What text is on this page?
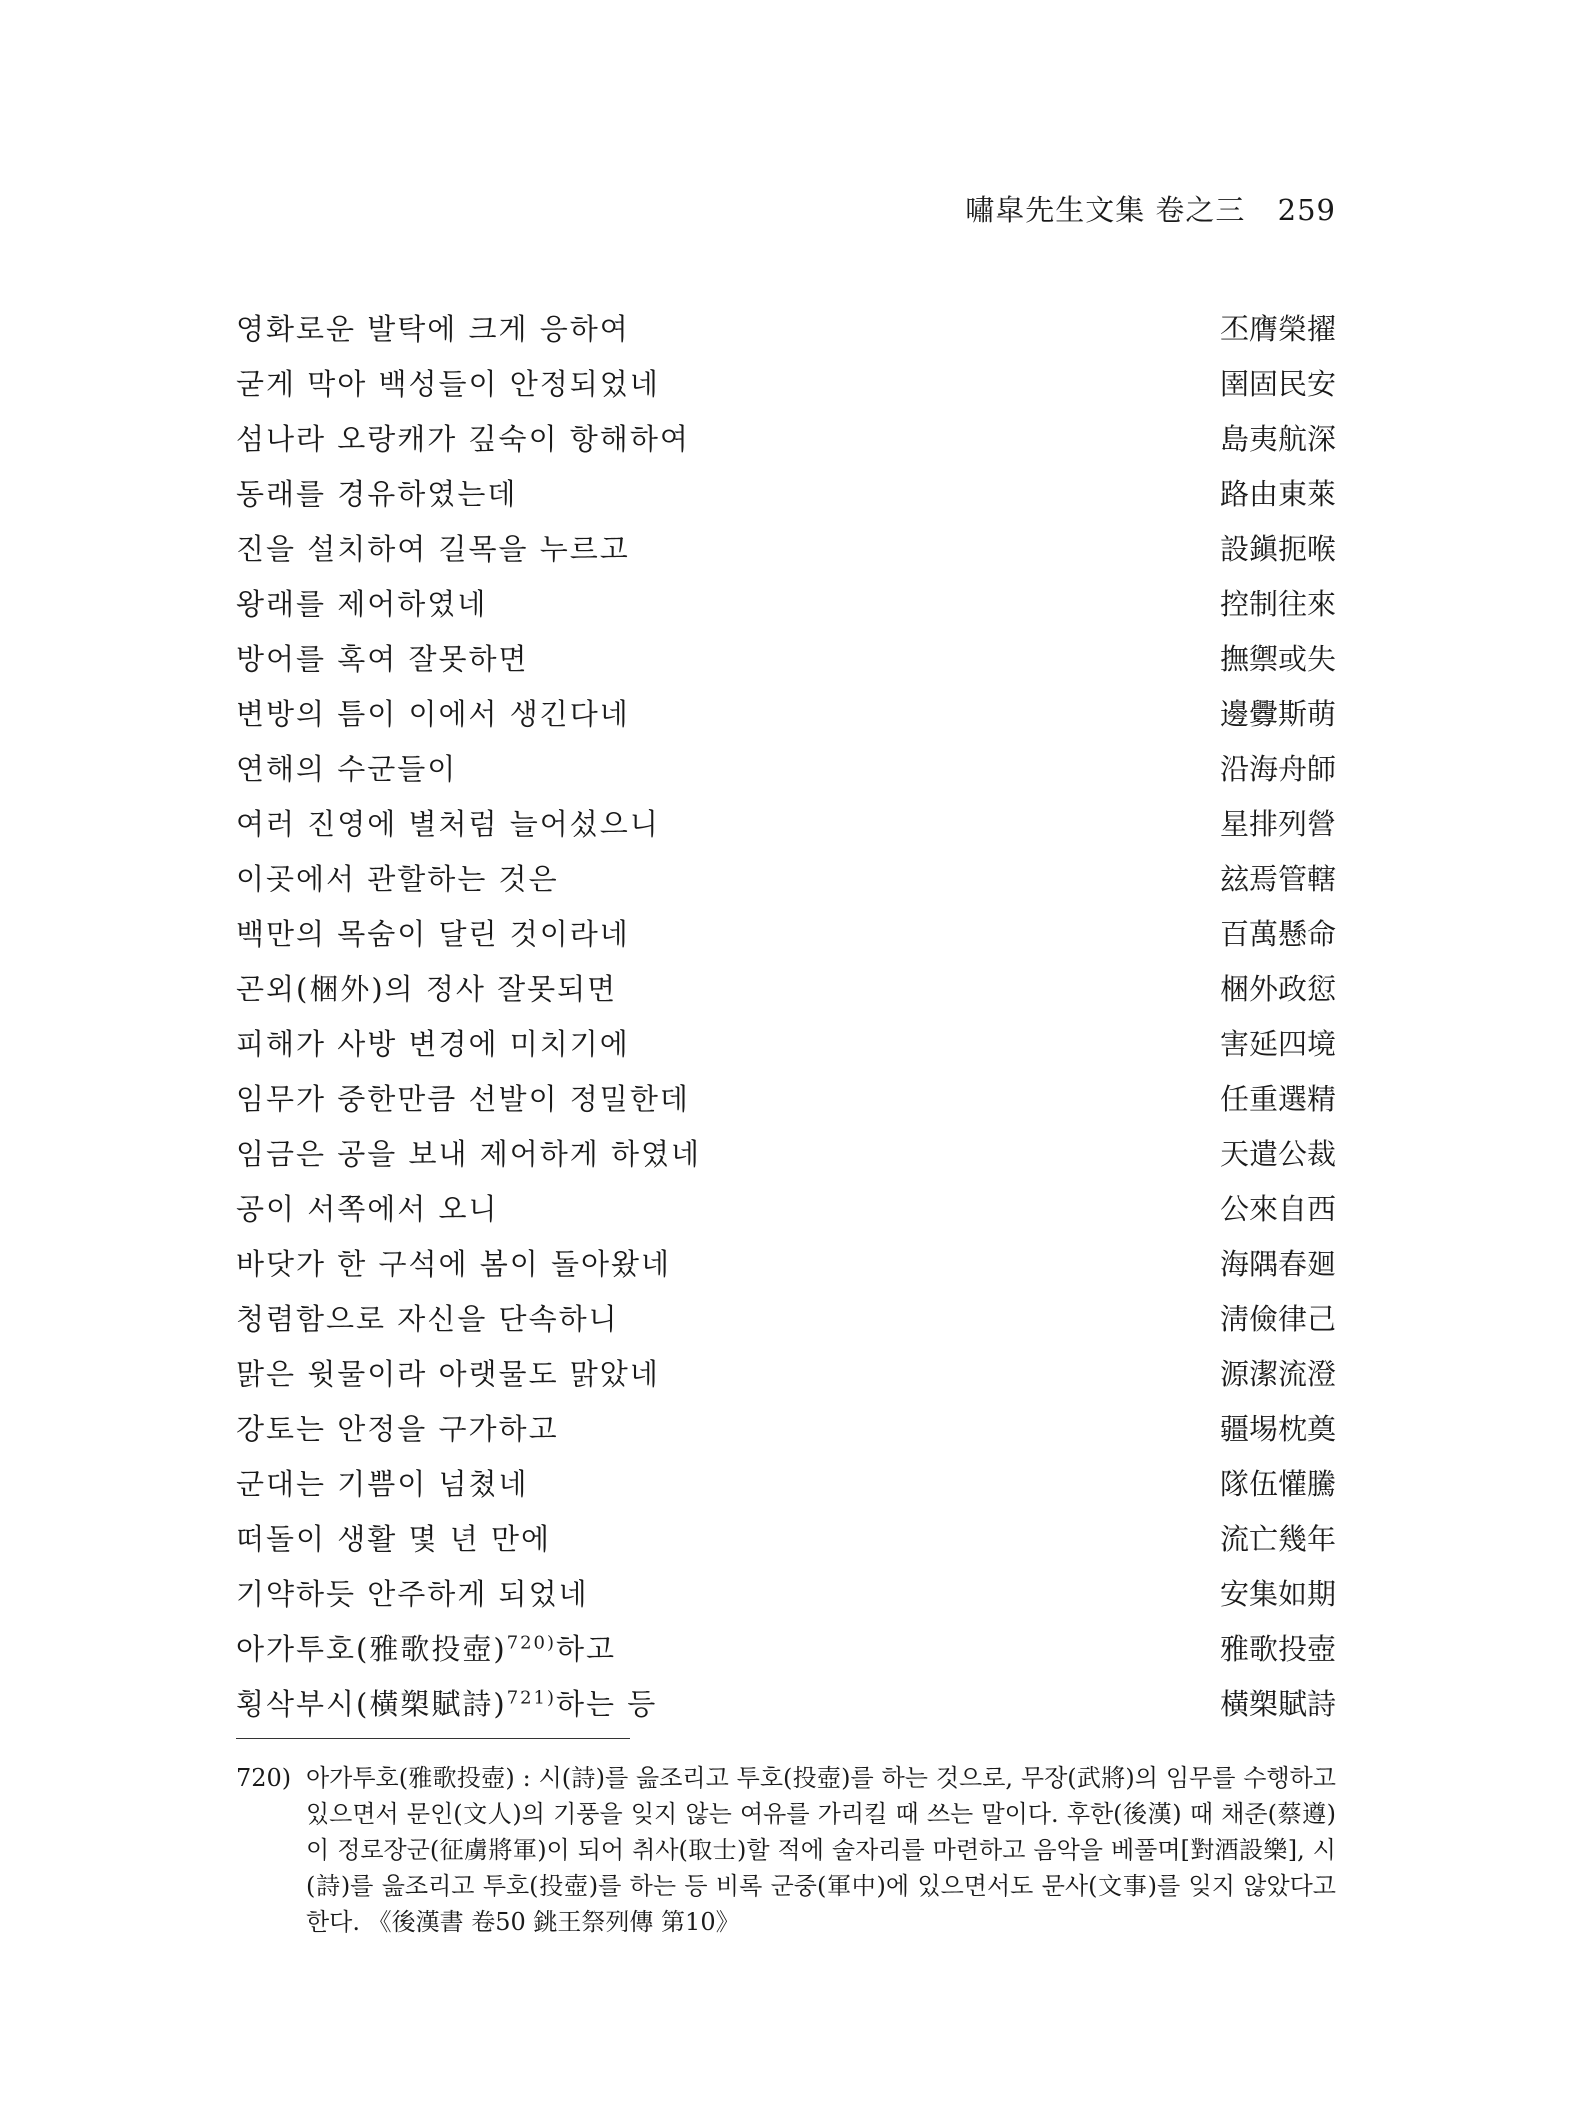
嘯皐先生文集 卷之三 259
영화로운 발탁에 크게 응하여	丕膺榮擢
굳게 막아 백성들이 안정되었네	圉固民安
섬나라 오랑캐가 깊숙이 항해하여	島夷航深
동래를 경유하였는데	路由東萊
진을 설치하여 길목을 누르고	設鎭扼喉
왕래를 제어하였네	控制往來
방어를 혹여 잘못하면	撫禦或失
변방의 틈이 이에서 생긴다네	邊釁斯萌
연해의 수군들이	沿海舟師
여러 진영에 별처럼 늘어섰으니	星排列營
이곳에서 관할하는 것은	玆焉管轄
백만의 목숨이 달린 것이라네	百萬懸命
곤외(梱外)의 정사 잘못되면	梱外政愆
피해가 사방 변경에 미치기에	害延四境
임무가 중한만큼 선발이 정밀한데	任重選精
임금은 공을 보내 제어하게 하였네	天遣公裁
공이 서쪽에서 오니	公來自西
바닷가 한 구석에 봄이 돌아왔네	海隅春廻
청렴함으로 자신을 단속하니	淸儉律己
맑은 윗물이라 아랫물도 맑았네	源潔流澄
강토는 안정을 구가하고	疆埸枕奠
군대는 기쁨이 넘쳤네	隊伍懽騰
떠돌이 생활 몇 년 만에	流亡幾年
기약하듯 안주하게 되었네	安集如期
아가투호(雅歌投壺)$^{720)}$하고	雅歌投壺
횡삭부시(橫槊賦詩)$^{721)}$하는 등	橫槊賦詩
720) 아가투호(雅歌投壺) : 시(詩)를 읊조리고 투호(投壺)를 하는 것으로, 무장(武將)의 임무를 수행하고 있으면서 문인(文人)의 기풍을 잊지 않는 여유를 가리킬 때 쓰는 말이다. 후한(後漢) 때 채준(蔡遵)이 정로장군(征虜將軍)이 되어 취사(取士)할 적에 술자리를 마련하고 음악을 베풀며[對酒設樂], 시(詩)를 읊조리고 투호(投壺)를 하는 등 비록 군중(軍中)에 있으면서도 문사(文事)를 잊지 않았다고 한다. 《後漢書 卷50 銚王祭列傳 第10》
